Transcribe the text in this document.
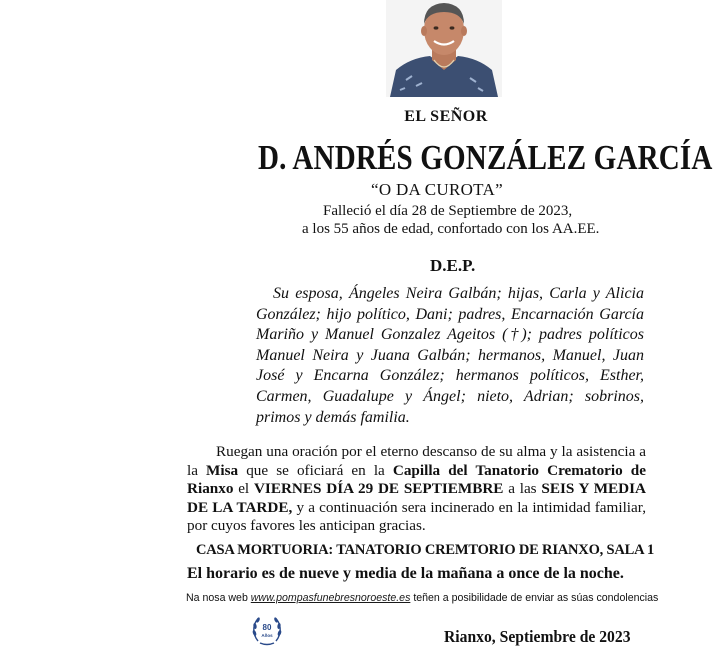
EL SEÑOR
D. ANDRÉS GONZÁLEZ GARCÍA
“O DA CUROTA”
Falleció el día 28 de Septiembre de 2023,
a los 55 años de edad, confortado con los AA.EE.
D.E.P.
Su esposa, Ángeles Neira Galbán; hijas, Carla y Alicia González; hijo político, Dani; padres, Encarnación García Mariño y Manuel Gonzalez Ageitos (†); padres políticos Manuel Neira y Juana Galbán; hermanos, Manuel, Juan José y Encarna González; hermanos políticos, Esther, Carmen, Guadalupe y Ángel; nieto, Adrian; sobrinos, primos y demás familia.
Ruegan una oración por el eterno descanso de su alma y la asistencia a la Misa que se oficiará en la Capilla del Tanatorio Crematorio de Rianxo el VIERNES DÍA 29 DE SEPTIEMBRE a las SEIS Y MEDIA DE LA TARDE, y a continuación sera incinerado en la intimidad familiar, por cuyos favores les anticipan gracias.
CASA MORTUORIA: TANATORIO CREMTORIO DE RIANXO, SALA 1
El horario es de nueve y media de la mañana a once de la noche.
Na nosa web www.pompasfunebresnoroeste.es teñen a posibilidade de enviar as súas condolencias
80
Años	Rianxo, Septiembre de 2023
